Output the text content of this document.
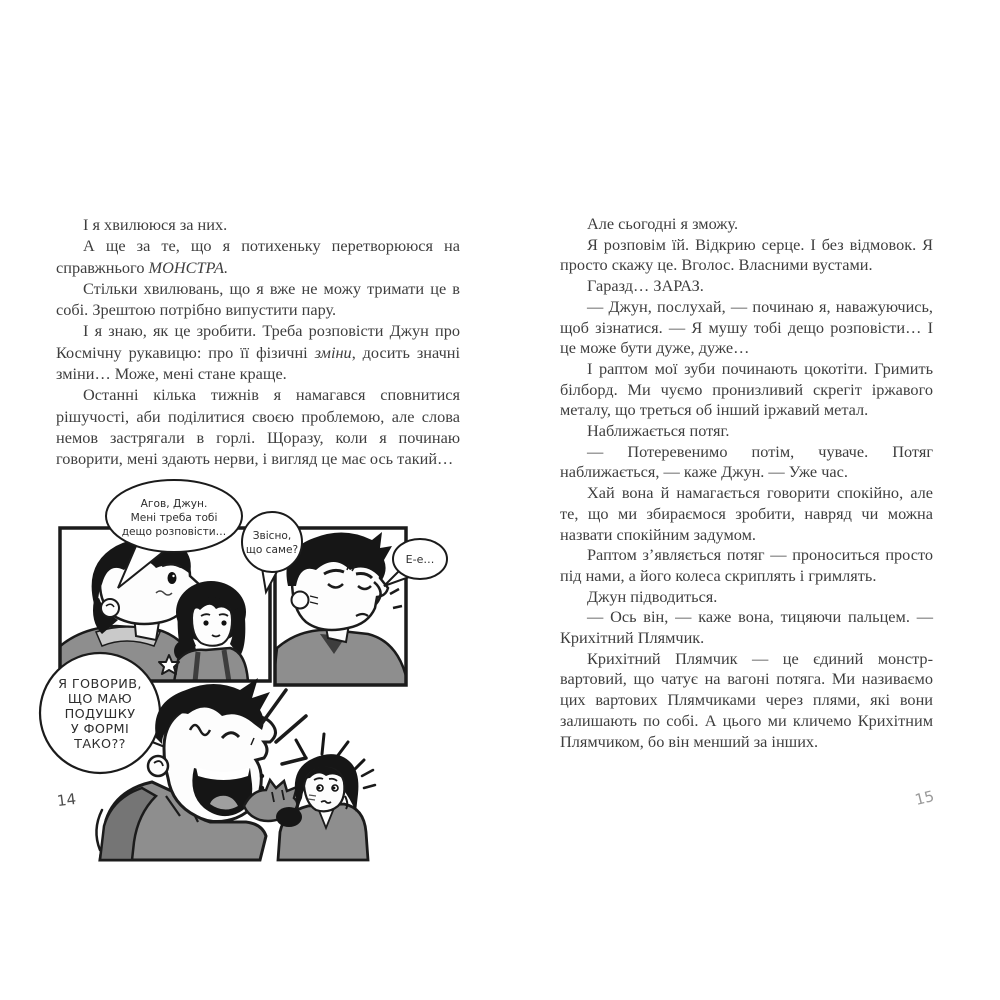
І я хвилююся за них.

А ще за те, що я потихеньку перетворююся на справжнього МОНСТРА.

Стільки хвилювань, що я вже не можу тримати це в собі. Зрештою потрібно випустити пару.

І я знаю, як це зробити. Треба розповісти Джун про Космічну рукавицю: про її фізичні зміни, досить значні зміни… Може, мені стане краще.

Останні кілька тижнів я намагався сповнитися рішучості, аби поділитися своєю проблемою, але слова немов застрягали в горлі. Щоразу, коли я починаю говорити, мені здають нерви, і вигляд це має ось такий…

Агов, Джун.
Мені треба тобі
дещо розповісти… Звісно,
що саме?
Е-е…
Я ГОВОРИВ,
ЩО МАЮ
ПОДУШКУ
У ФОРМІ
ТАКО??
14

Але сьогодні я зможу.

Я розповім їй. Відкрию серце. І без відмовок. Я просто скажу це. Вголос. Власними вустами.

Гаразд… ЗАРАЗ.

— Джун, послухай, — починаю я, наважуючись, щоб зізнатися. — Я мушу тобі дещо розповісти… І це може бути дуже, дуже…

І раптом мої зуби починають цокотіти. Гримить білборд. Ми чуємо пронизливий скрегіт іржавого металу, що треться об інший іржавий метал.

Наближається потяг.

— Потеревенимо потім, чуваче. Потяг наближається, — каже Джун. — Уже час.

Хай вона й намагається говорити спокійно, але те, що ми збираємося зробити, навряд чи можна назвати спокійним задумом.

Раптом з’являється потяг — проноситься просто під нами, а його колеса скриплять і гримлять.

Джун підводиться.

— Ось він, — каже вона, тицяючи пальцем. — Крихітний Плямчик.

Крихітний Плямчик — це єдиний монстр-вартовий, що чатує на вагоні потяга. Ми називаємо цих вартових Плямчиками через плями, які вони залишають по собі. А цього ми кличемо Крихітним Плямчиком, бо він менший за інших.

15
